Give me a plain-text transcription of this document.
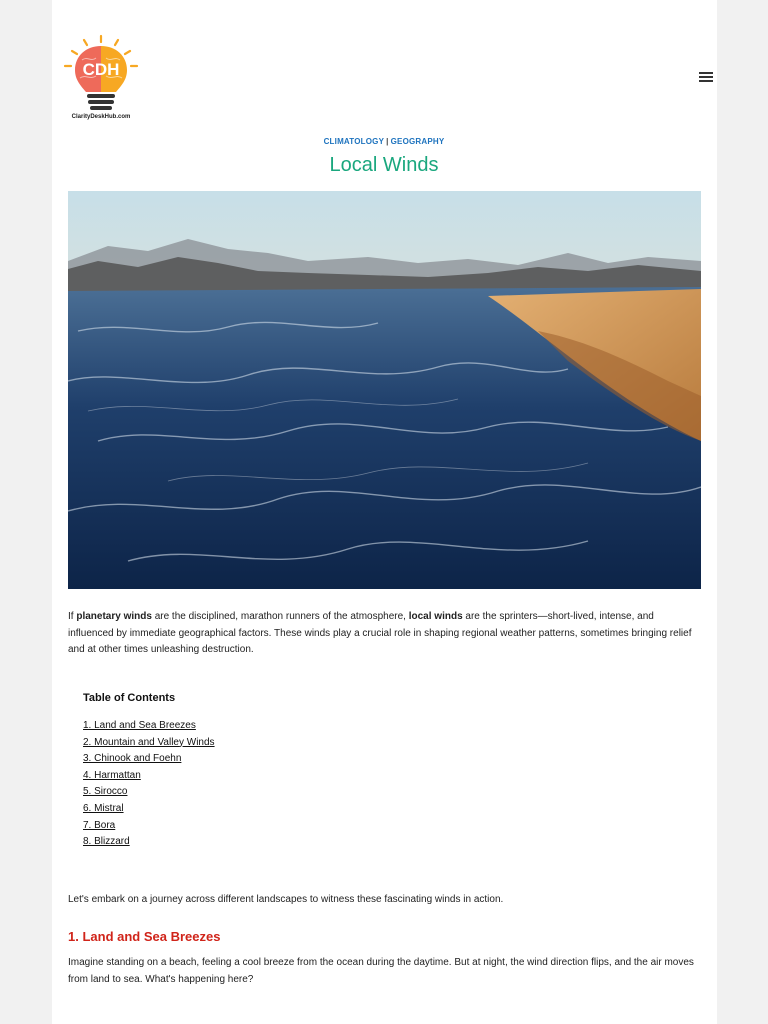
CDH
ClarityDeskHub.com
CLIMATOLOGY | GEOGRAPHY
Local Winds

If planetary winds are the disciplined, marathon runners of the atmosphere, local winds are the sprinters—short-lived, intense, and influenced by immediate geographical factors. These winds play a crucial role in shaping regional weather patterns, sometimes bringing relief and at other times unleashing destruction.

Table of Contents

1. Land and Sea Breezes
2. Mountain and Valley Winds
3. Chinook and Foehn
4. Harmattan
5. Sirocco
6. Mistral
7. Bora
8. Blizzard

Let's embark on a journey across different landscapes to witness these fascinating winds in action.

1. Land and Sea Breezes

Imagine standing on a beach, feeling a cool breeze from the ocean during the daytime. But at night, the wind direction flips, and the air moves from land to sea. What's happening here?
